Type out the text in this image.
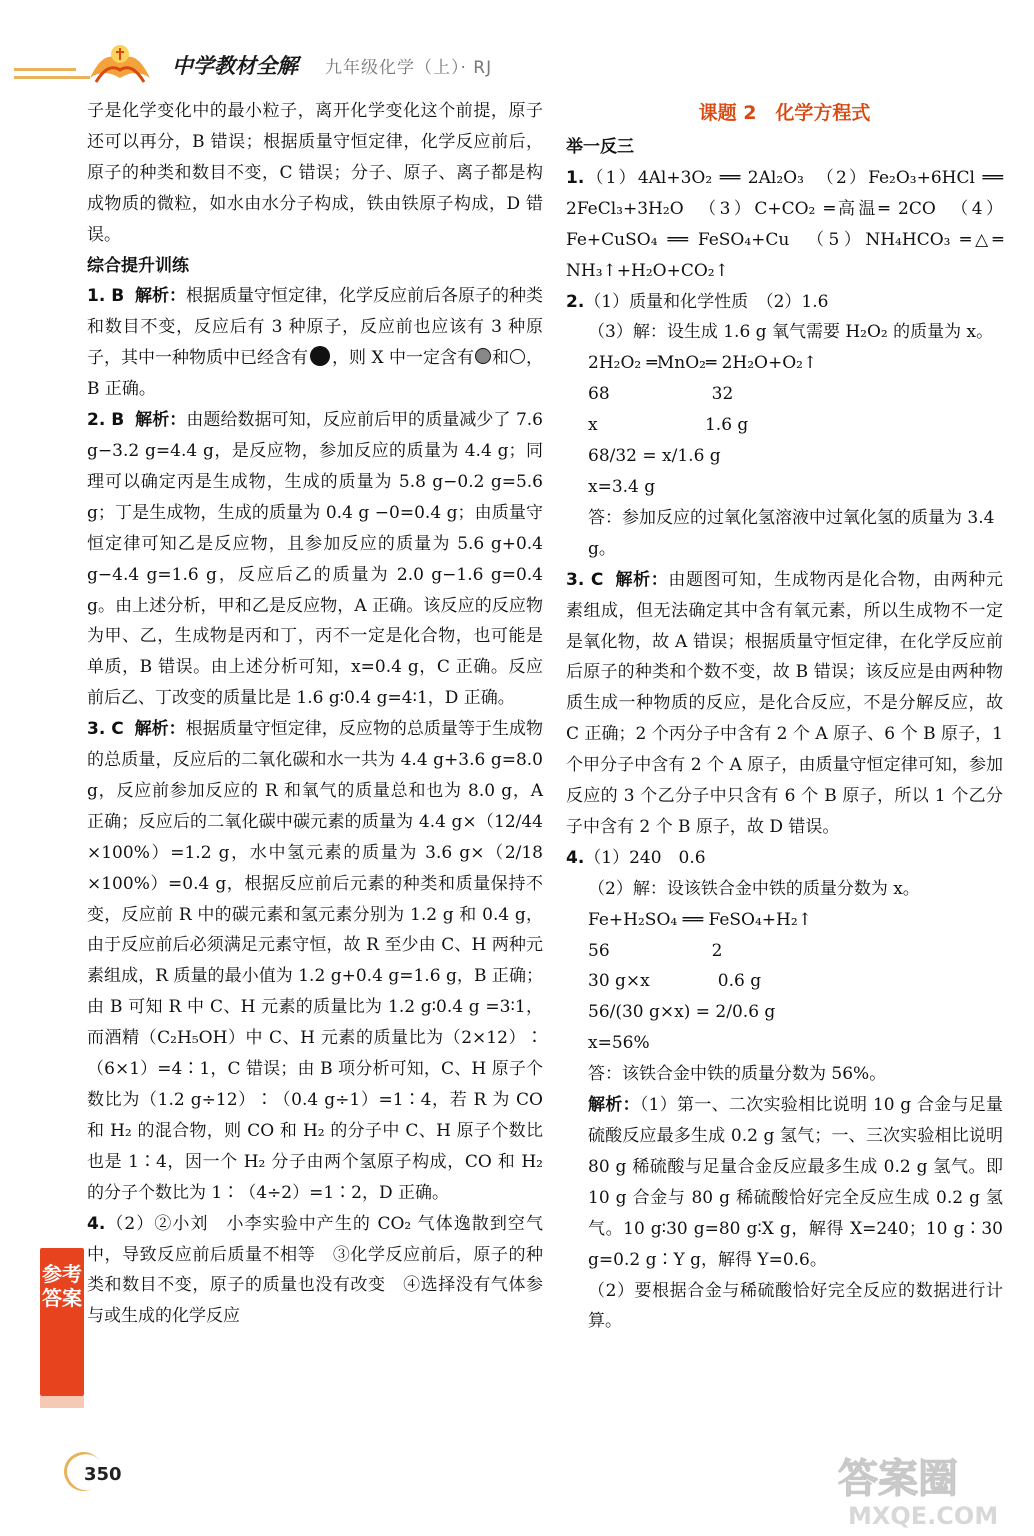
中学教材全解 九年级化学（上）· RJ

子是化学变化中的最小粒子，离开化学变化这个前提，原子还可以再分，B 错误；根据质量守恒定律，化学反应前后，原子的种类和数目不变，C 错误；分子、原子、离子都是构成物质的微粒，如水由水分子构成，铁由铁原子构成，D 错误。

综合提升训练

1. B 解析：根据质量守恒定律，化学反应前后各原子的种类和数目不变，反应后有 3 种原子，反应前也应该有 3 种原子，其中一种物质中已经含有 ，则 X 中一定含有 和 ，B 正确。

2. B 解析：由题给数据可知，反应前后甲的质量减少了 7.6 g−3.2 g=4.4 g，是反应物，参加反应的质量为 4.4 g；同理可以确定丙是生成物，生成的质量为 5.8 g−0.2 g=5.6 g；丁是生成物，生成的质量为 0.4 g −0=0.4 g；由质量守恒定律可知乙是反应物，且参加反应的质量为 5.6 g+0.4 g−4.4 g=1.6 g，反应后乙的质量为 2.0 g−1.6 g=0.4 g。由上述分析，甲和乙是反应物，A 正确。该反应的反应物为甲、乙，生成物是丙和丁，丙不一定是化合物，也可能是单质，B 错误。由上述分析可知，x=0.4 g，C 正确。反应前后乙、丁改变的质量比是 1.6 g∶0.4 g=4∶1，D 正确。

3. C 解析：根据质量守恒定律，反应物的总质量等于生成物的总质量，反应后的二氧化碳和水一共为 4.4 g+3.6 g=8.0 g，反应前参加反应的 R 和氧气的质量总和也为 8.0 g，A 正确；反应后的二氧化碳中碳元素的质量为 4.4 g×（12/44 ×100%）=1.2 g，水中氢元素的质量为 3.6 g×（2/18 ×100%）=0.4 g，根据反应前后元素的种类和质量保持不变，反应前 R 中的碳元素和氢元素分别为 1.2 g 和 0.4 g，由于反应前后必须满足元素守恒，故 R 至少由 C、H 两种元素组成，R 质量的最小值为 1.2 g+0.4 g=1.6 g，B 正确；由 B 可知 R 中 C、H 元素的质量比为 1.2 g∶0.4 g =3∶1，而酒精（C₂H₅OH）中 C、H 元素的质量比为（2×12）∶（6×1）=4∶1，C 错误；由 B 项分析可知，C、H 原子个数比为（1.2 g÷12）∶（0.4 g÷1）=1∶4，若 R 为 CO 和 H₂ 的混合物，则 CO 和 H₂ 的分子中 C、H 原子个数比也是 1∶4，因一个 H₂ 分子由两个氢原子构成，CO 和 H₂ 的分子个数比为 1∶（4÷2）=1∶2，D 正确。

4.（2）②小刘　小李实验中产生的 CO₂ 气体逸散到空气中，导致反应前后质量不相等　③化学反应前后，原子的种类和数目不变，原子的质量也没有改变　④选择没有气体参与或生成的化学反应

课题 2　化学方程式
举一反三

1.（1）4Al+3O₂ ══ 2Al₂O₃　（2）Fe₂O₃+6HCl ══ 2FeCl₃+3H₂O　（3）C+CO₂ ═高温═ 2CO　（4）Fe+CuSO₄ ══ FeSO₄+Cu　（5）NH₄HCO₃ ═△═ NH₃↑+H₂O+CO₂↑

2.（1）质量和化学性质　（2）1.6

（3）解：设生成 1.6 g 氧气需要 H₂O₂ 的质量为 x。
2H₂O₂ ═MnO₂═ 2H₂O+O₂↑
68　　　　　　32
x　　　　　　 1.6 g
68/32 = x/1.6 g
x=3.4 g
答：参加反应的过氧化氢溶液中过氧化氢的质量为 3.4 g。

3. C 解析：由题图可知，生成物丙是化合物，由两种元素组成，但无法确定其中含有氧元素，所以生成物不一定是氧化物，故 A 错误；根据质量守恒定律，在化学反应前后原子的种类和个数不变，故 B 错误；该反应是由两种物质生成一种物质的反应，是化合反应，不是分解反应，故 C 正确；2 个丙分子中含有 2 个 A 原子、6 个 B 原子，1 个甲分子中含有 2 个 A 原子，由质量守恒定律可知，参加反应的 3 个乙分子中只含有 6 个 B 原子，所以 1 个乙分子中含有 2 个 B 原子，故 D 错误。

4.（1）240　0.6

（2）解：设该铁合金中铁的质量分数为 x。
Fe+H₂SO₄ ══ FeSO₄+H₂↑
56　　　　　　2
30 g×x　　　　0.6 g
56/(30 g×x) = 2/0.6 g
x=56%
答：该铁合金中铁的质量分数为 56%。

解析：（1）第一、二次实验相比说明 10 g 合金与足量硫酸反应最多生成 0.2 g 氢气；一、三次实验相比说明 80 g 稀硫酸与足量合金反应最多生成 0.2 g 氢气。即 10 g 合金与 80 g 稀硫酸恰好完全反应生成 0.2 g 氢气。10 g∶30 g=80 g∶X g，解得 X=240；10 g∶30 g=0.2 g∶Y g，解得 Y=0.6。

（2）要根据合金与稀硫酸恰好完全反应的数据进行计算。

参考答案
350	答案圈
MXQE.COM
